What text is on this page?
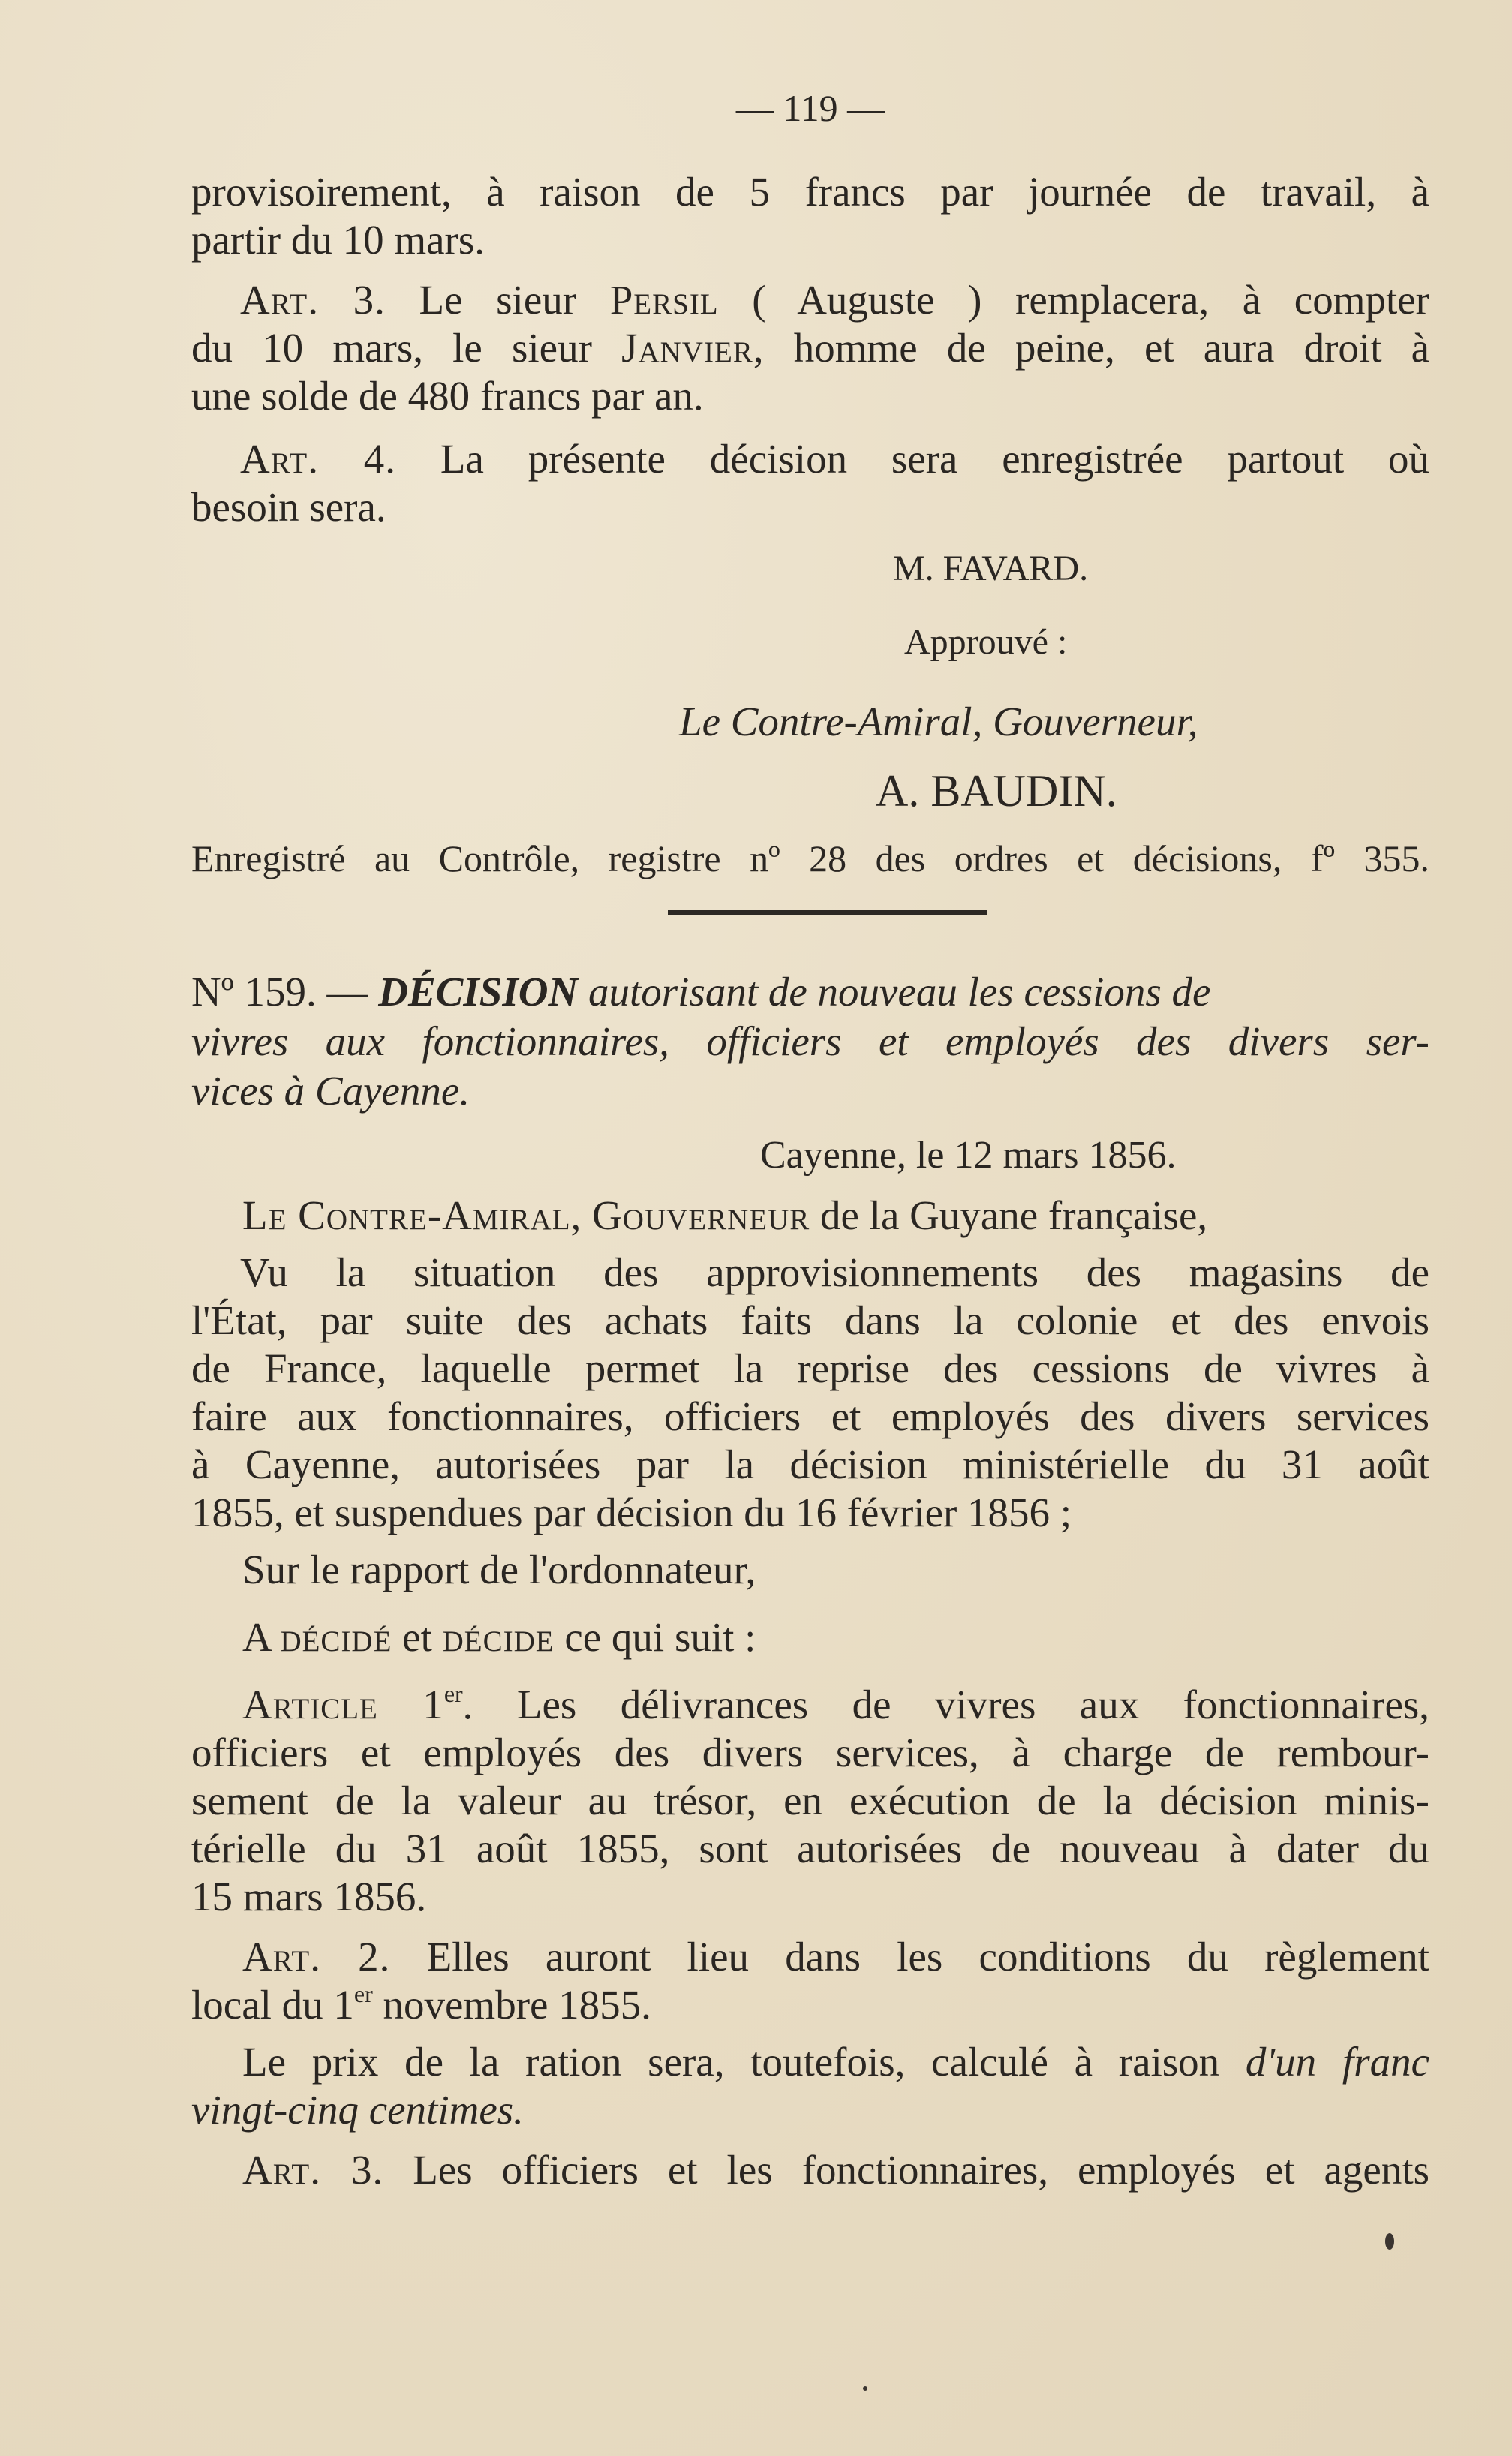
— 119 —
provisoirement, à raison de 5 francs par journée de travail, à
partir du 10 mars.
Art. 3. Le sieur Persil ( Auguste ) remplacera, à compter
du 10 mars, le sieur Janvier, homme de peine, et aura droit à
une solde de 480 francs par an.
Art. 4. La présente décision sera enregistrée partout où
besoin sera.
M. FAVARD.
Approuvé :
Le Contre-Amiral, Gouverneur,
A. BAUDIN.
Enregistré au Contrôle, registre nº 28 des ordres et décisions, fº 355.
Nº 159. — DÉCISION autorisant de nouveau les cessions de
vivres aux fonctionnaires, officiers et employés des divers ser-
vices à Cayenne.
Cayenne, le 12 mars 1856.
Le Contre-Amiral, Gouverneur de la Guyane française,
Vu la situation des approvisionnements des magasins de
l'État, par suite des achats faits dans la colonie et des envois
de France, laquelle permet la reprise des cessions de vivres à
faire aux fonctionnaires, officiers et employés des divers services
à Cayenne, autorisées par la décision ministérielle du 31 août
1855, et suspendues par décision du 16 février 1856 ;
Sur le rapport de l'ordonnateur,
A décidé et décide ce qui suit :
Article 1er. Les délivrances de vivres aux fonctionnaires,
officiers et employés des divers services, à charge de rembour-
sement de la valeur au trésor, en exécution de la décision minis-
térielle du 31 août 1855, sont autorisées de nouveau à dater du
15 mars 1856.
Art. 2. Elles auront lieu dans les conditions du règlement
local du 1er novembre 1855.
Le prix de la ration sera, toutefois, calculé à raison d'un franc
vingt-cinq centimes.
Art. 3. Les officiers et les fonctionnaires, employés et agents
